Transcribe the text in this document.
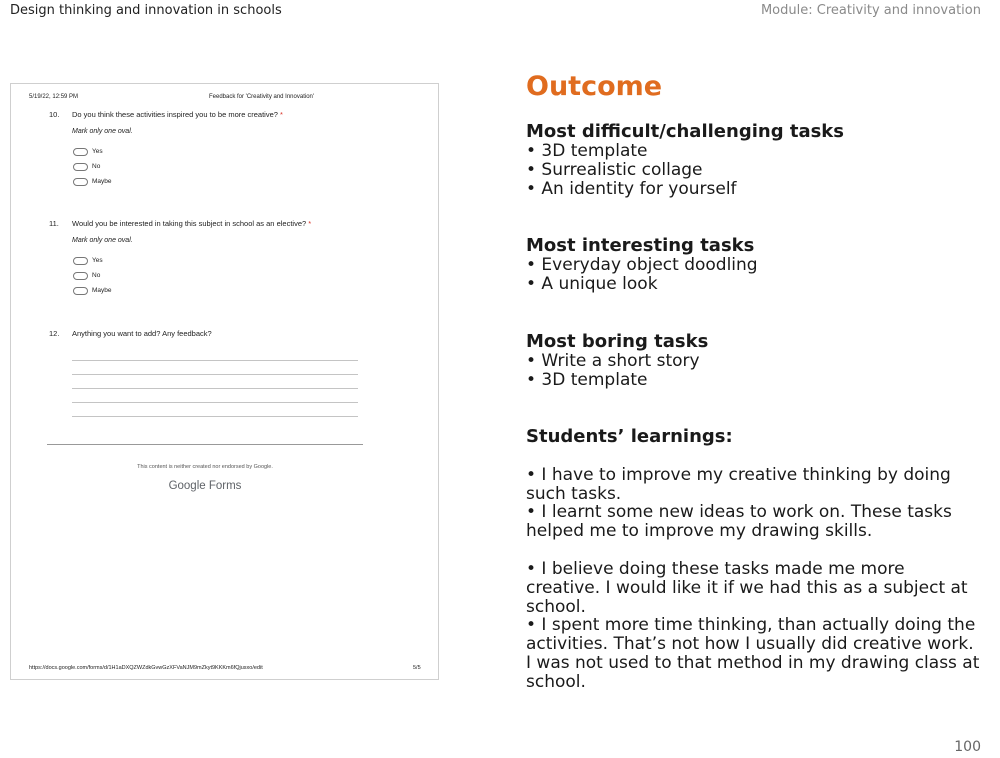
Design thinking and innovation in schools	Module: Creativity and innovation
5/19/22, 12:59 PM	Feedback for 'Creativity and Innovation'
10. Do you think these activities inspired you to be more creative? *
Mark only one oval.
Yes
No
Maybe
11. Would you be interested in taking this subject in school as an elective? *
Mark only one oval.
Yes
No
Maybe
12. Anything you want to add? Any feedback?
This content is neither created nor endorsed by Google.
Google Forms
https://docs.google.com/forms/d/1H1aDXQZWZdkGvwGzXFVaNJM9mZkyt9KKKm6fQjusxo/edit	5/5
Outcome
Most difficult/challenging tasks
• 3D template
• Surrealistic collage
• An identity for yourself
Most interesting tasks
• Everyday object doodling
• A unique look
Most boring tasks
• Write a short story
• 3D template
Students’ learnings:
• I have to improve my creative thinking by doing such tasks.
• I learnt some new ideas to work on. These tasks helped me to improve my drawing skills.
• I believe doing these tasks made me more creative. I would like it if we had this as a subject at school.
• I spent more time thinking, than actually doing the activities. That’s not how I usually did creative work. I was not used to that method in my drawing class at school.
100
